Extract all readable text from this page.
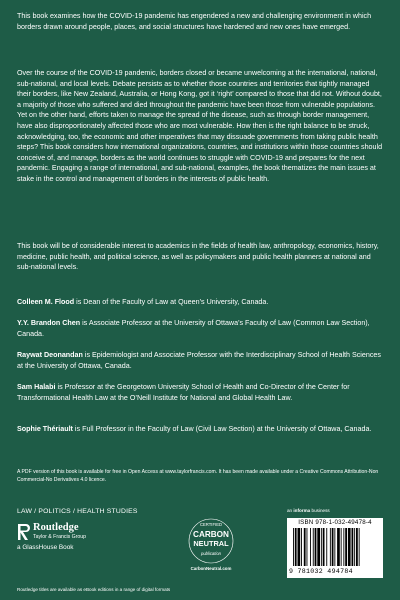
This book examines how the COVID-19 pandemic has engendered a new and challenging environment in which borders drawn around people, places, and social structures have hardened and new ones have emerged.

Over the course of the COVID-19 pandemic, borders closed or became unwelcoming at the international, national, sub-national, and local levels. Debate persists as to whether those countries and territories that tightly managed their borders, like New Zealand, Australia, or Hong Kong, got it ‘right’ compared to those that did not. Without doubt, a majority of those who suffered and died throughout the pandemic have been those from vulnerable populations. Yet on the other hand, efforts taken to manage the spread of the disease, such as through border management, have also disproportionately affected those who are most vulnerable. How then is the right balance to be struck, acknowledging, too, the economic and other imperatives that may dissuade governments from taking public health steps? This book considers how international organizations, countries, and institutions within those countries should conceive of, and manage, borders as the world continues to struggle with COVID-19 and prepares for the next pandemic. Engaging a range of international, and sub-national, examples, the book thematizes the main issues at stake in the control and management of borders in the interests of public health.

This book will be of considerable interest to academics in the fields of health law, anthropology, economics, history, medicine, public health, and political science, as well as policymakers and public health planners at national and sub-national levels.

Colleen M. Flood is Dean of the Faculty of Law at Queen’s University, Canada.

Y.Y. Brandon Chen is Associate Professor at the University of Ottawa’s Faculty of Law (Common Law Section), Canada.

Raywat Deonandan is Epidemiologist and Associate Professor with the Interdisciplinary School of Health Sciences at the University of Ottawa, Canada.

Sam Halabi is Professor at the Georgetown University School of Health and Co-Director of the Center for Transformational Health Law at the O’Neill Institute for National and Global Health Law.

Sophie Thériault is Full Professor in the Faculty of Law (Civil Law Section) at the University of Ottawa, Canada.

A PDF version of this book is available for free in Open Access at www.taylorfrancis.com. It has been made available under a Creative Commons Attribution-Non Commercial-No Derivatives 4.0 licence.

LAW / POLITICS / HEALTH STUDIES
Routledge
Taylor & Francis Group
a GlassHouse Book
CERTIFIED
CARBON
NEUTRAL
publication
CarbonNeutral.com
an informa business
ISBN 978-1-032-49478-4
9 781032 494784
Routledge titles are available as eBook editions in a range of digital formats
